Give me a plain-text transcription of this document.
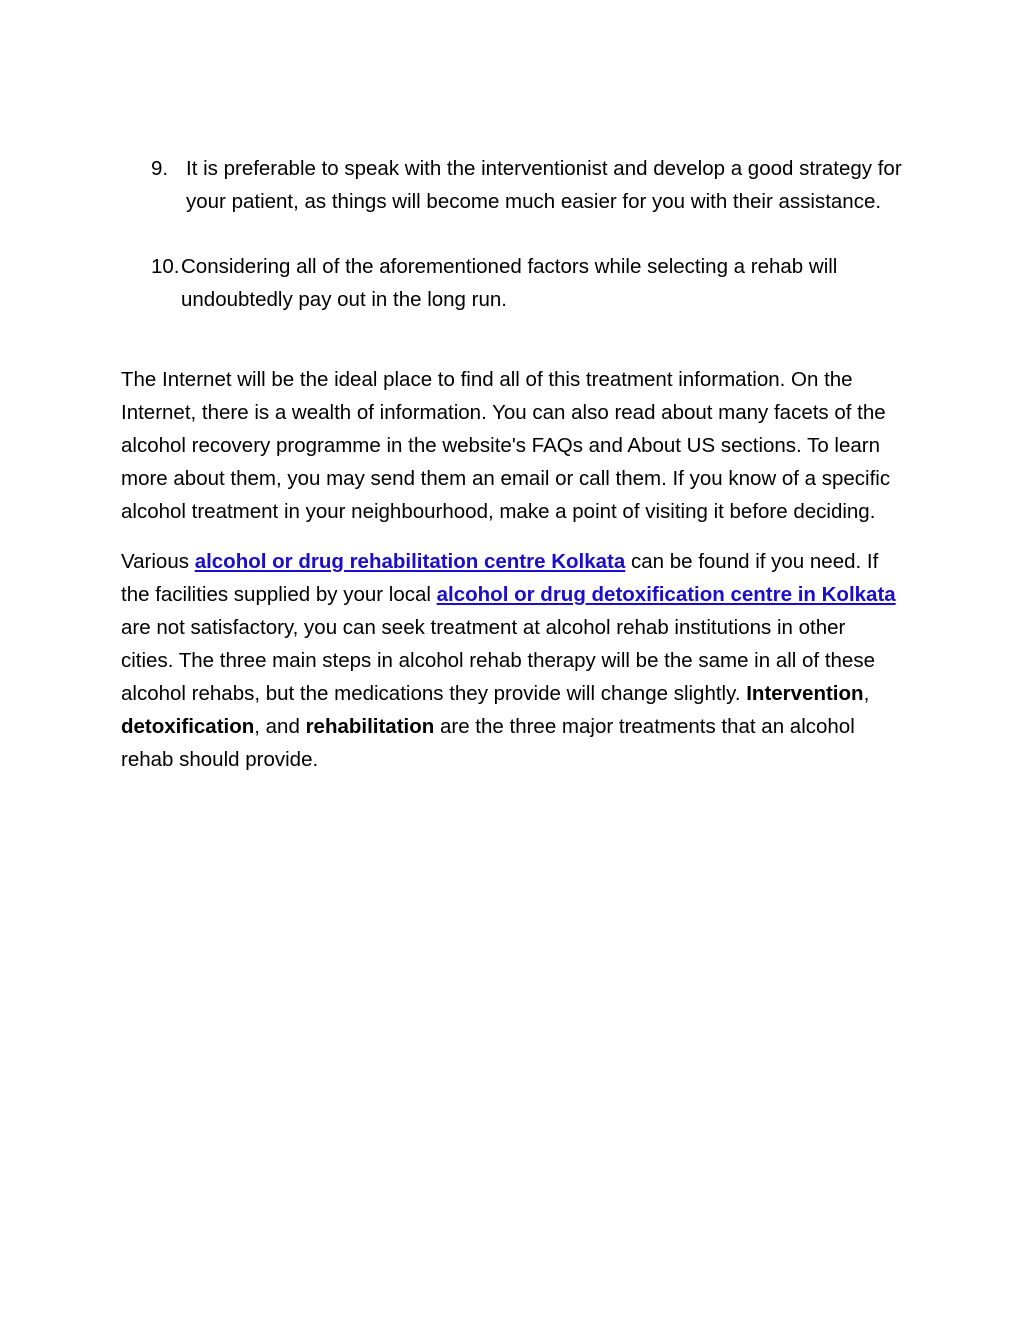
9. It is preferable to speak with the interventionist and develop a good strategy for your patient, as things will become much easier for you with their assistance.
10. Considering all of the aforementioned factors while selecting a rehab will undoubtedly pay out in the long run.

The Internet will be the ideal place to find all of this treatment information. On the Internet, there is a wealth of information. You can also read about many facets of the alcohol recovery programme in the website's FAQs and About US sections. To learn more about them, you may send them an email or call them. If you know of a specific alcohol treatment in your neighbourhood, make a point of visiting it before deciding.

Various alcohol or drug rehabilitation centre Kolkata can be found if you need. If the facilities supplied by your local alcohol or drug detoxification centre in Kolkata are not satisfactory, you can seek treatment at alcohol rehab institutions in other cities. The three main steps in alcohol rehab therapy will be the same in all of these alcohol rehabs, but the medications they provide will change slightly. Intervention, detoxification, and rehabilitation are the three major treatments that an alcohol rehab should provide.
